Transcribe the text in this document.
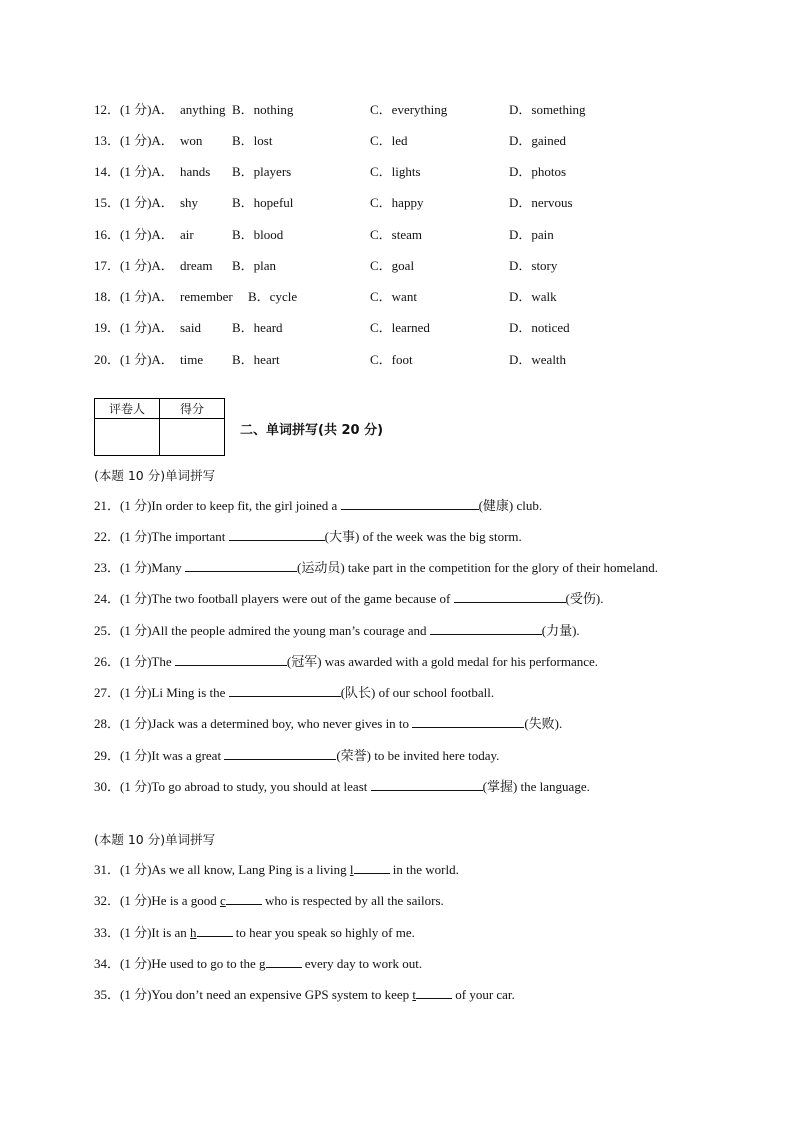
12．(1 分)A． anything B．nothing	C．everything	D．something
13．(1 分)A． won B．lost	C．led	D．gained
14．(1 分)A． hands B．players	C．lights	D．photos
15．(1 分)A． shy	B．hopeful	C．happy	D．nervous
16．(1 分)A． air	B．blood	C．steam	D．pain
17．(1 分)A． dream B．plan	C．goal	D．story
18．(1 分)A． remember B．cycle	C．want	D．walk
19．(1 分)A． said B．heard	C．learned	D．noticed
20．(1 分)A． time B．heart	C．foot	D．wealth
评卷人	得分

二、单词拼写(共 20 分)
(本题 10 分)单词拼写
21．(1 分)In order to keep fit, the girl joined a	(健康) club.
22．(1 分)The important	(大事) of the week was the big storm.
23．(1 分)Many	(运动员) take part in the competition for the glory of their homeland.
24．(1 分)The two football players were out of the game because of	(受伤).
25．(1 分)All the people admired the young man’s courage and	(力量).
26．(1 分)The	(冠军) was awarded with a gold medal for his performance.
27．(1 分)Li Ming is the	(队长) of our school football.
28．(1 分)Jack was a determined boy, who never gives in to	(失败).
29．(1 分)It was a great	(荣誉) to be invited here today.
30．(1 分)To go abroad to study, you should at least	(掌握) the language.
(本题 10 分)单词拼写
31．(1 分)As we all know, Lang Ping is a living l	in the world.
32．(1 分)He is a good c	who is respected by all the sailors.
33．(1 分)It is an h	to hear you speak so highly of me.
34．(1 分)He used to go to the g	every day to work out.
35．(1 分)You don’t need an expensive GPS system to keep t	of your car.
